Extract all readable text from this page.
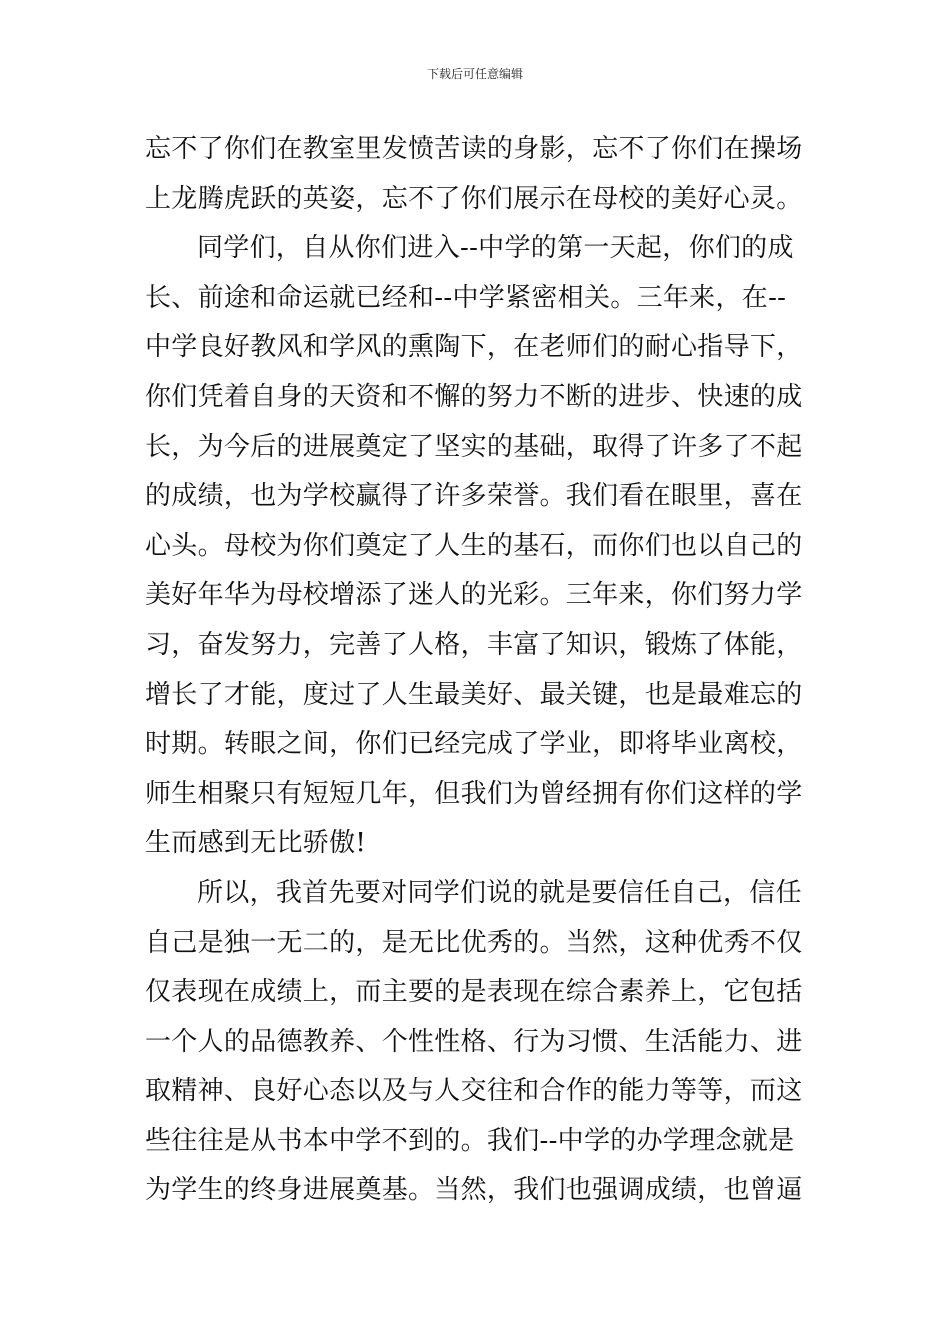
下载后可任意编辑
忘不了你们在教室里发愤苦读的身影，忘不了你们在操场
上龙腾虎跃的英姿，忘不了你们展示在母校的美好心灵。
同学们，自从你们进入--中学的第一天起，你们的成
长、前途和命运就已经和--中学紧密相关。三年来，在--
中学良好教风和学风的熏陶下，在老师们的耐心指导下，
你们凭着自身的天资和不懈的努力不断的进步、快速的成
长，为今后的进展奠定了坚实的基础，取得了许多了不起
的成绩，也为学校赢得了许多荣誉。我们看在眼里，喜在
心头。母校为你们奠定了人生的基石，而你们也以自己的
美好年华为母校增添了迷人的光彩。三年来，你们努力学
习，奋发努力，完善了人格，丰富了知识，锻炼了体能，
增长了才能，度过了人生最美好、最关键，也是最难忘的
时期。转眼之间，你们已经完成了学业，即将毕业离校，
师生相聚只有短短几年，但我们为曾经拥有你们这样的学
生而感到无比骄傲!
所以，我首先要对同学们说的就是要信任自己，信任
自己是独一无二的，是无比优秀的。当然，这种优秀不仅
仅表现在成绩上，而主要的是表现在综合素养上，它包括
一个人的品德教养、个性性格、行为习惯、生活能力、进
取精神、良好心态以及与人交往和合作的能力等等，而这
些往往是从书本中学不到的。我们--中学的办学理念就是
为学生的终身进展奠基。当然，我们也强调成绩，也曾逼
